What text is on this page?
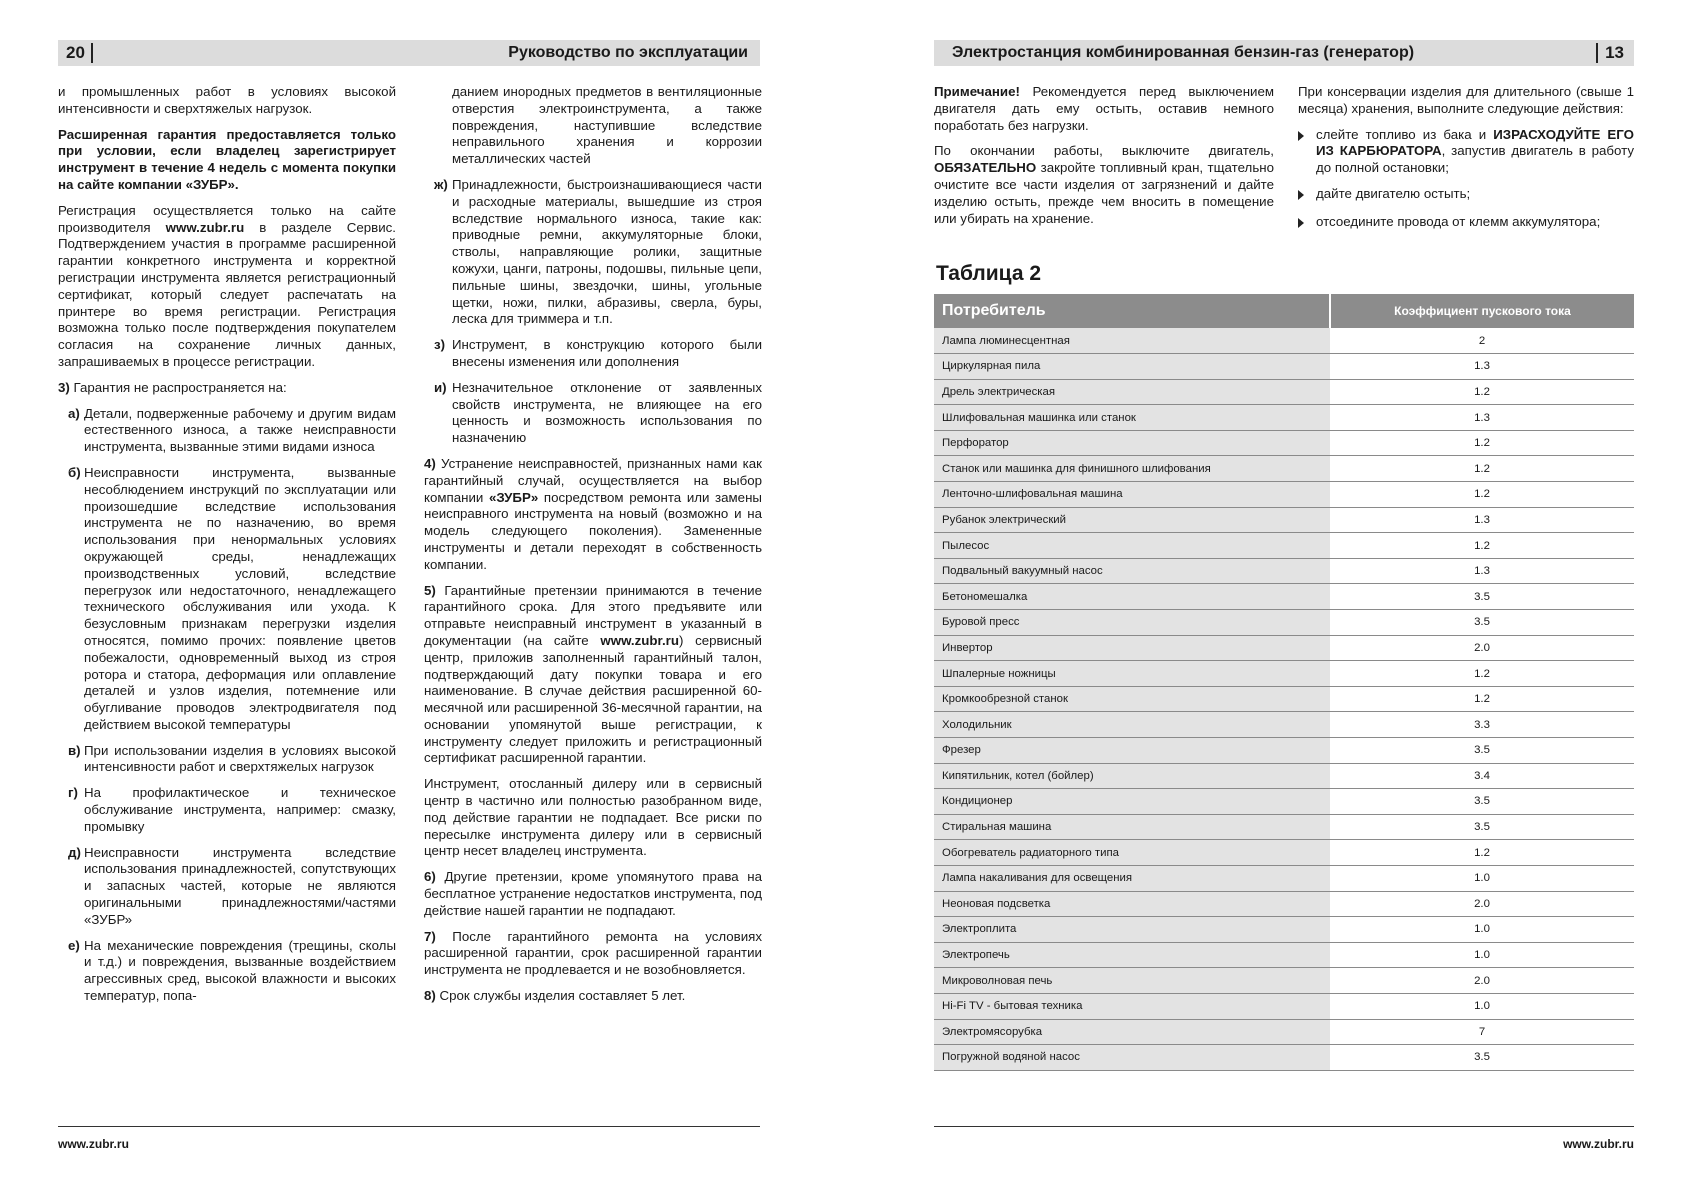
20	Руководство по эксплуатации	Электростанция комбинированная бензин-газ (генератор)	13

и промышленных работ в условиях высокой интенсивности и сверхтяжелых нагрузок.

Расширенная гарантия предоставляется только при условии, если владелец зарегистрирует инструмент в течение 4 недель с момента покупки на сайте компании «ЗУБР».

Регистрация осуществляется только на сайте производителя www.zubr.ru в разделе Сервис. Подтверждением участия в программе расширенной гарантии конкретного инструмента и корректной регистрации инструмента является регистрационный сертификат, который следует распечатать на принтере во время регистрации. Регистрация возможна только после подтверждения покупателем согласия на сохранение личных данных, запрашиваемых в процессе регистрации.

3) Гарантия не распространяется на:

а) Детали, подверженные рабочему и другим видам естественного износа, а также неисправности инструмента, вызванные этими видами износа
б) Неисправности инструмента, вызванные несоблюдением инструкций по эксплуатации или произошедшие вследствие использования инструмента не по назначению, во время использования при ненормальных условиях окружающей среды, ненадлежащих производственных условий, вследствие перегрузок или недостаточного, ненадлежащего технического обслуживания или ухода. К безусловным признакам перегрузки изделия относятся, помимо прочих: появление цветов побежалости, одновременный выход из строя ротора и статора, деформация или оплавление деталей и узлов изделия, потемнение или обугливание проводов электродвигателя под действием высокой температуры
в) При использовании изделия в условиях высокой интенсивности работ и сверхтяжелых нагрузок
г) На профилактическое и техническое обслуживание инструмента, например: смазку, промывку
д) Неисправности инструмента вследствие использования принадлежностей, сопутствующих и запасных частей, которые не являются оригинальными принадлежностями/частями «ЗУБР»
е) На механические повреждения (трещины, сколы и т.д.) и повреждения, вызванные воздействием агрессивных сред, высокой влажности и высоких температур, попа-

данием инородных предметов в вентиляционные отверстия электроинструмента, а также повреждения, наступившие вследствие неправильного хранения и коррозии металлических частей

ж) Принадлежности, быстроизнашивающиеся части и расходные материалы, вышедшие из строя вследствие нормального износа, такие как: приводные ремни, аккумуляторные блоки, стволы, направляющие ролики, защитные кожухи, цанги, патроны, подошвы, пильные цепи, пильные шины, звездочки, шины, угольные щетки, ножи, пилки, абразивы, сверла, буры, леска для триммера и т.п.
з) Инструмент, в конструкцию которого были внесены изменения или дополнения
и) Незначительное отклонение от заявленных свойств инструмента, не влияющее на его ценность и возможность использования по назначению

4) Устранение неисправностей, признанных нами как гарантийный случай, осуществляется на выбор компании «ЗУБР» посредством ремонта или замены неисправного инструмента на новый (возможно и на модель следующего поколения). Замененные инструменты и детали переходят в собственность компании.

5) Гарантийные претензии принимаются в течение гарантийного срока. Для этого предъявите или отправьте неисправный инструмент в указанный в документации (на сайте www.zubr.ru) сервисный центр, приложив заполненный гарантийный талон, подтверждающий дату покупки товара и его наименование. В случае действия расширенной 60-месячной или расширенной 36-месячной гарантии, на основании упомянутой выше регистрации, к инструменту следует приложить и регистрационный сертификат расширенной гарантии.

Инструмент, отосланный дилеру или в сервисный центр в частично или полностью разобранном виде, под действие гарантии не подпадает. Все риски по пересылке инструмента дилеру или в сервисный центр несет владелец инструмента.

6) Другие претензии, кроме упомянутого права на бесплатное устранение недостатков инструмента, под действие нашей гарантии не подпадают.

7) После гарантийного ремонта на условиях расширенной гарантии, срок расширенной гарантии инструмента не продлевается и не возобновляется.

8) Срок службы изделия составляет 5 лет.

Примечание! Рекомендуется перед выключением двигателя дать ему остыть, оставив немного поработать без нагрузки.

По окончании работы, выключите двигатель, ОБЯЗАТЕЛЬНО закройте топливный кран, тщательно очистите все части изделия от загрязнений и дайте изделию остыть, прежде чем вносить в помещение или убирать на хранение.

При консервации изделия для длительного (свыше 1 месяца) хранения, выполните следующие действия:

слейте топливо из бака и ИЗРАСХОДУЙТЕ ЕГО ИЗ КАРБЮРАТОРА, запустив двигатель в работу до полной остановки;
дайте двигателю остыть;
отсоедините провода от клемм аккумулятора;
Таблица 2
Потребитель	Коэффициент пускового тока
Лампа люминесцентная	2
Циркулярная пила	1.3
Дрель электрическая	1.2
Шлифовальная машинка или станок	1.3
Перфоратор	1.2
Станок или машинка для финишного шлифования	1.2
Ленточно-шлифовальная машина	1.2
Рубанок электрический	1.3
Пылесос	1.2
Подвальный вакуумный насос	1.3
Бетономешалка	3.5
Буровой пресс	3.5
Инвертор	2.0
Шпалерные ножницы	1.2
Кромкообрезной станок	1.2
Холодильник	3.3
Фрезер	3.5
Кипятильник, котел (бойлер)	3.4
Кондиционер	3.5
Стиральная машина	3.5
Обогреватель радиаторного типа	1.2
Лампа накаливания для освещения	1.0
Неоновая подсветка	2.0
Электроплита	1.0
Электропечь	1.0
Микроволновая печь	2.0
Hi-Fi TV - бытовая техника	1.0
Электромясорубка	7
Погружной водяной насос	3.5
www.zubr.ru	www.zubr.ru
